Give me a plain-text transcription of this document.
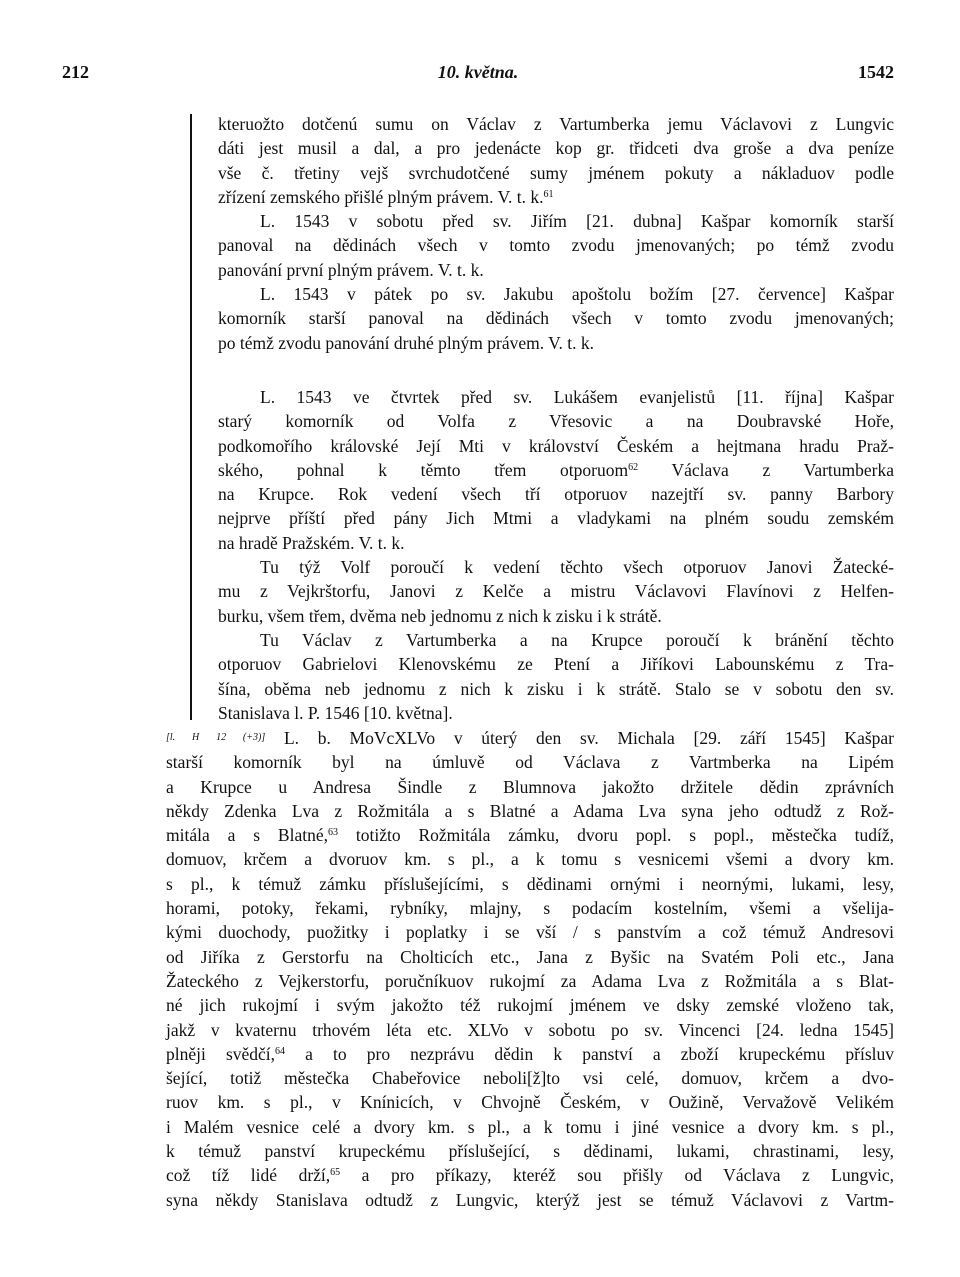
212	10. května.	1542
kteruožto dotčenú sumu on Václav z Vartumberka jemu Václavovi z Lungvic
dáti jest musil a dal, a pro jedenácte kop gr. třidceti dva groše a dva peníze
vše č. třetiny vejš svrchudotčené sumy jménem pokuty a nákladuov podle
zřízení zemského přišlé plným právem. V. t. k.$^{61}$
L. 1543 v sobotu před sv. Jiřím [21. dubna] Kašpar komorník starší
panoval na dědinách všech v tomto zvodu jmenovaných; po témž zvodu
panování první plným právem. V. t. k.
L. 1543 v pátek po sv. Jakubu apoštolu božím [27. července] Kašpar
komorník starší panoval na dědinách všech v tomto zvodu jmenovaných;
po témž zvodu panování druhé plným právem. V. t. k.
L. 1543 ve čtvrtek před sv. Lukášem evanjelistů [11. října] Kašpar
starý komorník od Volfa z Vřesovic a na Doubravské Hoře,
podkomořího královské Její Mti v království Českém a hejtmana hradu Praž-
ského, pohnal k těmto třem otporuom$^{62}$ Václava z Vartumberka
na Krupce. Rok vedení všech tří otporuov nazejtří sv. panny Barbory
nejprve příští před pány Jich Mtmi a vladykami na plném soudu zemském
na hradě Pražském. V. t. k.
Tu týž Volf poroučí k vedení těchto všech otporuov Janovi Žatecké-
mu z Vejkrštorfu, Janovi z Kelče a mistru Václavovi Flavínovi z Helfen-
burku, všem třem, dvěma neb jednomu z nich k zisku i k strátě.
Tu Václav z Vartumberka a na Krupce poroučí k bránění těchto
otporuov Gabrielovi Klenovskému ze Ptení a Jiříkovi Labounskému z Tra-
šína, oběma neb jednomu z nich k zisku i k strátě. Stalo se v sobotu den sv.
Stanislava l. P. 1546 [10. května].
[l. H 12 (+3)] L. b. MoVcXLVo v úterý den sv. Michala [29. září 1545] Kašpar
starší komorník byl na úmluvě od Václava z Vartmberka na Lipém
a Krupce u Andresa Šindle z Blumnova jakožto držitele dědin zprávních
někdy Zdenka Lva z Rožmitála a s Blatné a Adama Lva syna jeho odtudž z Rož-
mitála a s Blatné,$^{63}$ totižto Rožmitála zámku, dvoru popl. s popl., městečka tudíž,
domuov, krčem a dvoruov km. s pl., a k tomu s vesnicemi všemi a dvory km.
s pl., k témuž zámku příslušejícími, s dědinami ornými i neornými, lukami, lesy,
horami, potoky, řekami, rybníky, mlajny, s podacím kostelním, všemi a všelija-
kými duochody, puožitky i poplatky i se vší / s panstvím a což témuž Andresovi
od Jiříka z Gerstorfu na Cholticích etc., Jana z Byšic na Svatém Poli etc., Jana
Žateckého z Vejkerstorfu, poručníkuov rukojmí za Adama Lva z Rožmitála a s Blat-
né jich rukojmí i svým jakožto též rukojmí jménem ve dsky zemské vloženo tak,
jakž v kvaternu trhovém léta etc. XLVo v sobotu po sv. Vincenci [24. ledna 1545]
plněji svědčí,$^{64}$ a to pro nezprávu dědin k panství a zboží krupeckému přísluv
šející, totiž městečka Chabeřovice neboli[ž]to vsi celé, domuov, krčem a dvo-
ruov km. s pl., v Knínicích, v Chvojně Českém, v Oužině, Vervažově Velikém
i Malém vesnice celé a dvory km. s pl., a k tomu i jiné vesnice a dvory km. s pl.,
k témuž panství krupeckému příslušející, s dědinami, lukami, chrastinami, lesy,
což tíž lidé drží,$^{65}$ a pro příkazy, kteréž sou přišly od Václava z Lungvic,
syna někdy Stanislava odtudž z Lungvic, kterýž jest se témuž Václavovi z Vartm-
